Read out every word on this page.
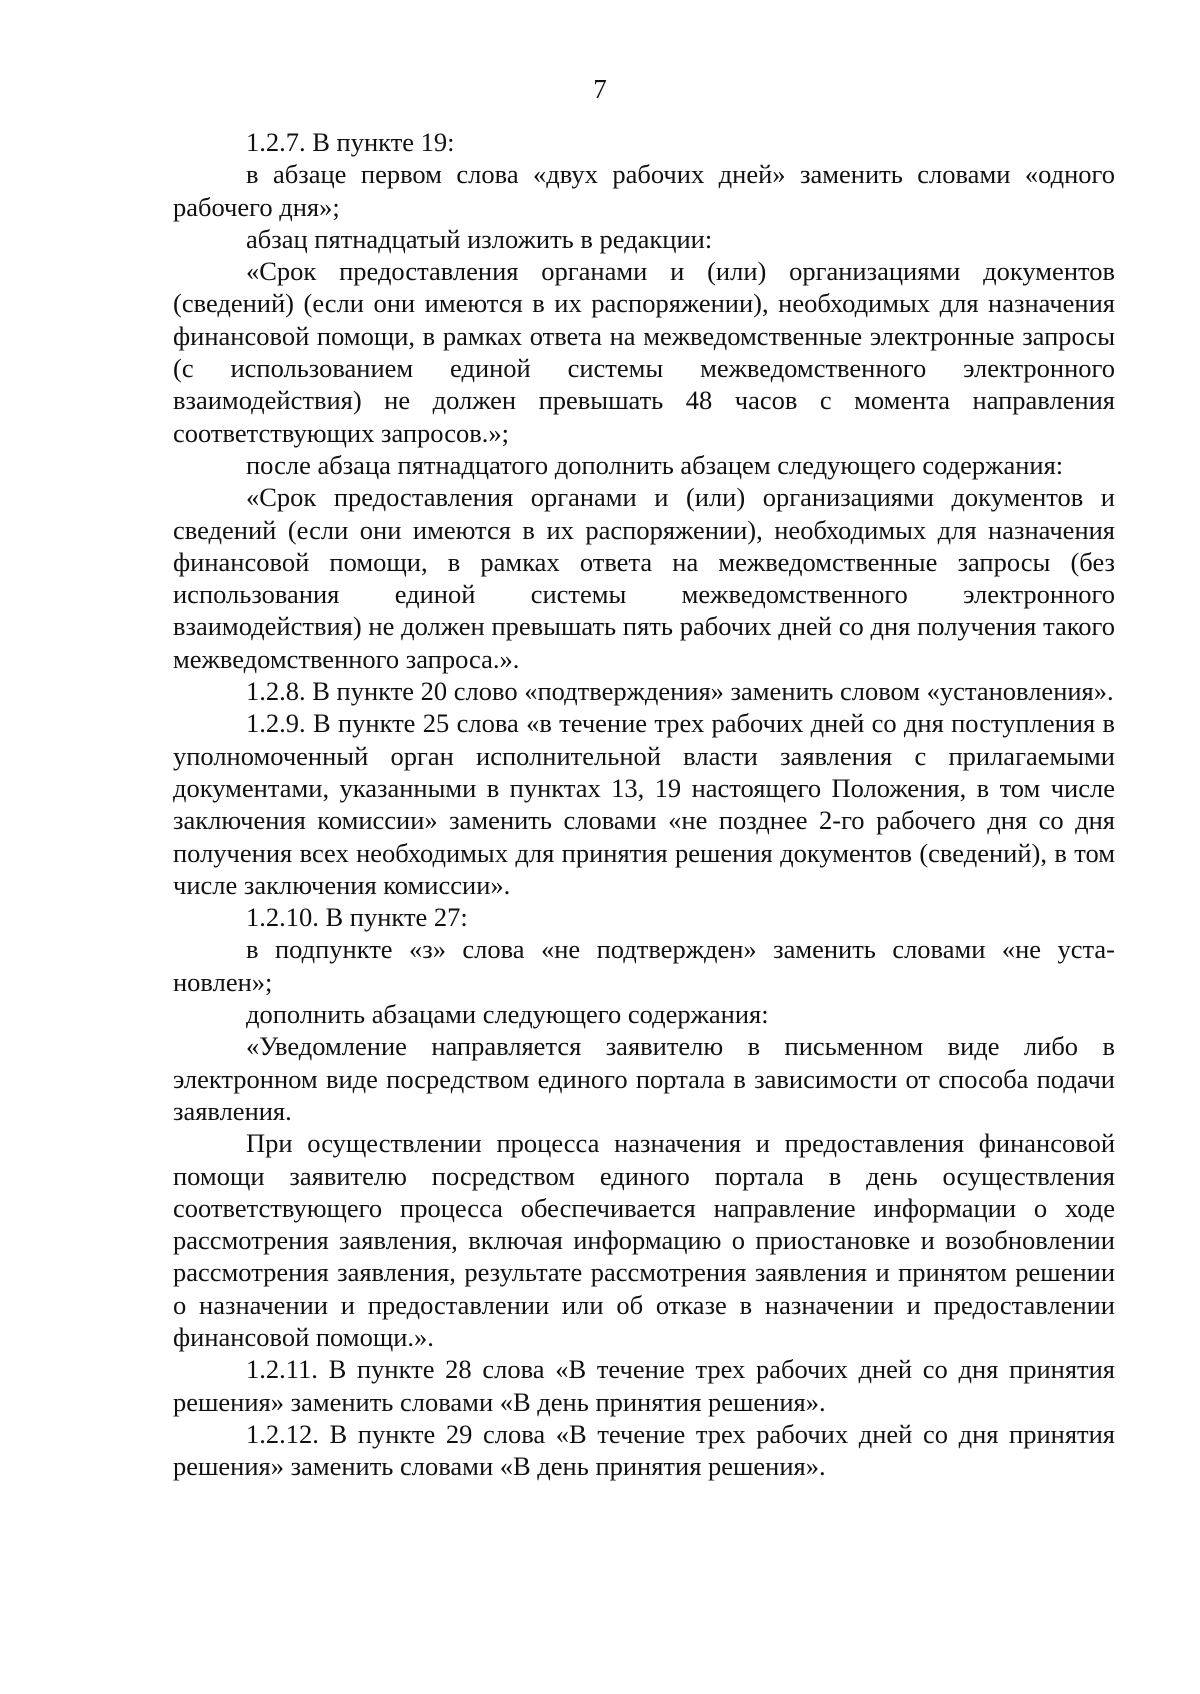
7

1.2.7. В пункте 19:

в абзаце первом слова «двух рабочих дней» заменить словами «одного рабочего дня»;

абзац пятнадцатый изложить в редакции:

«Срок предоставления органами и (или) организациями документов (сведений) (если они имеются в их распоряжении), необходимых для назначения финансовой помощи, в рамках ответа на межведомственные электронные запросы (с использованием единой системы межведомственного электронного взаимодействия) не должен превышать 48 часов с момента направления соответствующих запросов.»;

после абзаца пятнадцатого дополнить абзацем следующего содержания:

«Срок предоставления органами и (или) организациями документов и сведений (если они имеются в их распоряжении), необходимых для назначения финансовой помощи, в рамках ответа на межведомственные запросы (без использования единой системы межведомственного электронного взаимодействия) не должен превышать пять рабочих дней со дня получения такого межведомственного запроса.».

1.2.8. В пункте 20 слово «подтверждения» заменить словом «установления».

1.2.9. В пункте 25 слова «в течение трех рабочих дней со дня поступления в уполномоченный орган исполнительной власти заявления с прилагаемыми документами, указанными в пунктах 13, 19 настоящего Положения, в том числе заключения комиссии» заменить словами «не позднее 2-го рабочего дня со дня получения всех необходимых для принятия решения документов (сведений), в том числе заключения комиссии».

1.2.10. В пункте 27:

в подпункте «з» слова «не подтвержден» заменить словами «не установлен»;

дополнить абзацами следующего содержания:

«Уведомление направляется заявителю в письменном виде либо в электронном виде посредством единого портала в зависимости от способа подачи заявления.

При осуществлении процесса назначения и предоставления финансовой помощи заявителю посредством единого портала в день осуществления соответствующего процесса обеспечивается направление информации о ходе рассмотрения заявления, включая информацию о приостановке и возобновлении рассмотрения заявления, результате рассмотрения заявления и принятом решении о назначении и предоставлении или об отказе в назначении и предоставлении финансовой помощи.».

1.2.11. В пункте 28 слова «В течение трех рабочих дней со дня принятия решения» заменить словами «В день принятия решения».

1.2.12. В пункте 29 слова «В течение трех рабочих дней со дня принятия решения» заменить словами «В день принятия решения».
